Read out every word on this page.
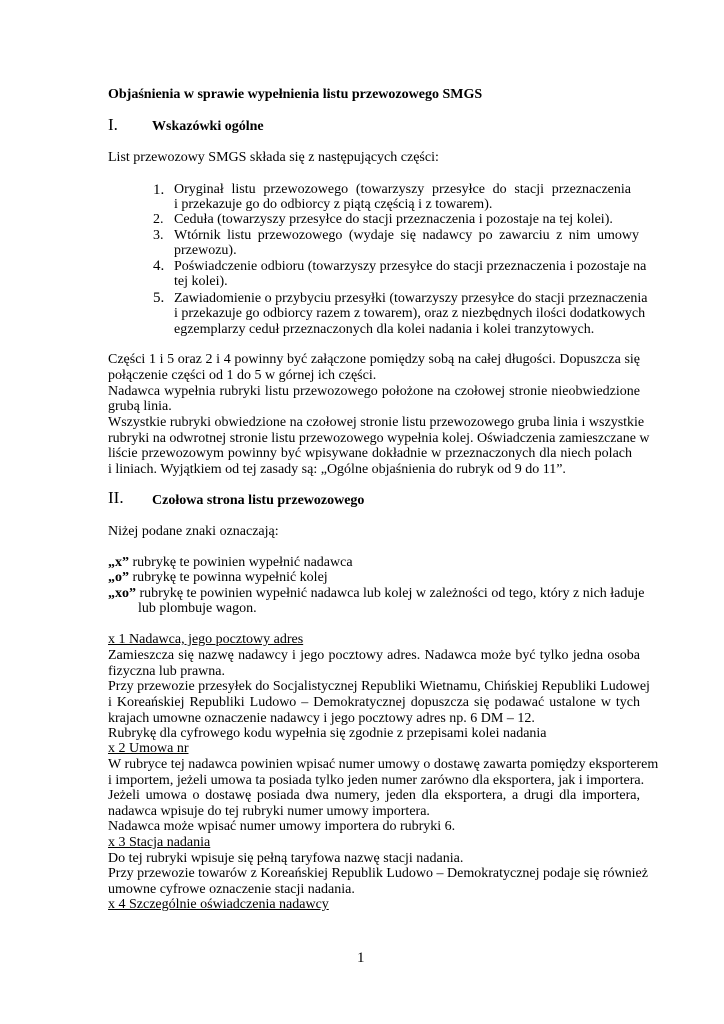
Objaśnienia w sprawie wypełnienia listu przewozowego SMGS
I. Wskazówki ogólne
List przewozowy SMGS składa się z następujących części:
1. Oryginał listu przewozowego (towarzyszy przesyłce do stacji przeznaczenia
i przekazuje go do odbiorcy z piątą częścią i z towarem).
2. Ceduła (towarzyszy przesyłce do stacji przeznaczenia i pozostaje na tej kolei).
3. Wtórnik listu przewozowego (wydaje się nadawcy po zawarciu z nim umowy
przewozu).
4. Poświadczenie odbioru (towarzyszy przesyłce do stacji przeznaczenia i pozostaje na
tej kolei).
5. Zawiadomienie o przybyciu przesyłki (towarzyszy przesyłce do stacji przeznaczenia
i przekazuje go odbiorcy razem z towarem), oraz z niezbędnych ilości dodatkowych
egzemplarzy ceduł przeznaczonych dla kolei nadania i kolei tranzytowych.
Części 1 i 5 oraz 2 i 4 powinny być załączone pomiędzy sobą na całej długości. Dopuszcza się
połączenie części od 1 do 5 w górnej ich części.
Nadawca wypełnia rubryki listu przewozowego położone na czołowej stronie nieobwiedzione
grubą linia.
Wszystkie rubryki obwiedzione na czołowej stronie listu przewozowego gruba linia i wszystkie
rubryki na odwrotnej stronie listu przewozowego wypełnia kolej. Oświadczenia zamieszczane w
liście przewozowym powinny być wpisywane dokładnie w przeznaczonych dla niech polach
i liniach. Wyjątkiem od tej zasady są: „Ogólne objaśnienia do rubryk od 9 do 11”.
II. Czołowa strona listu przewozowego
Niżej podane znaki oznaczają:
„x” rubrykę te powinien wypełnić nadawca
„o” rubrykę te powinna wypełnić kolej
„xo” rubrykę te powinien wypełnić nadawca lub kolej w zależności od tego, który z nich ładuje
lub plombuje wagon.
x 1 Nadawca, jego pocztowy adres
Zamieszcza się nazwę nadawcy i jego pocztowy adres. Nadawca może być tylko jedna osoba
fizyczna lub prawna.
Przy przewozie przesyłek do Socjalistycznej Republiki Wietnamu, Chińskiej Republiki Ludowej
i Koreańskiej Republiki Ludowo – Demokratycznej dopuszcza się podawać ustalone w tych
krajach umowne oznaczenie nadawcy i jego pocztowy adres np. 6 DM – 12.
Rubrykę dla cyfrowego kodu wypełnia się zgodnie z przepisami kolei nadania
x 2 Umowa nr
W rubryce tej nadawca powinien wpisać numer umowy o dostawę zawarta pomiędzy eksporterem
i importem, jeżeli umowa ta posiada tylko jeden numer zarówno dla eksportera, jak i importera.
Jeżeli umowa o dostawę posiada dwa numery, jeden dla eksportera, a drugi dla importera,
nadawca wpisuje do tej rubryki numer umowy importera.
Nadawca może wpisać numer umowy importera do rubryki 6.
x 3 Stacja nadania
Do tej rubryki wpisuje się pełną taryfowa nazwę stacji nadania.
Przy przewozie towarów z Koreańskiej Republik Ludowo – Demokratycznej podaje się również
umowne cyfrowe oznaczenie stacji nadania.
x 4 Szczególnie oświadczenia nadawcy
1
